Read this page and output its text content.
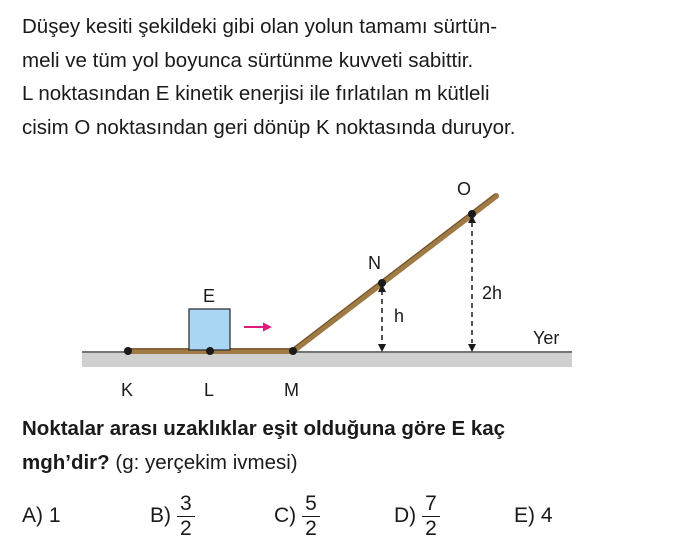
Düşey kesiti şekildeki gibi olan yolun tamamı sürtün-
meli ve tüm yol boyunca sürtünme kuvveti sabittir.
L noktasından E kinetik enerjisi ile fırlatılan m kütleli
cisim O noktasından geri dönüp K noktasında duruyor.
K	L	M
N
O
E
h
2h
Yer
Noktalar arası uzaklıklar eşit olduğuna göre E kaç
mgh’dir? (g: yerçekim ivmesi)
A)
1	$B) \frac{3}{2}$	$C) \frac{5}{2}$	$D) \frac{7}{2}$	E)
4
